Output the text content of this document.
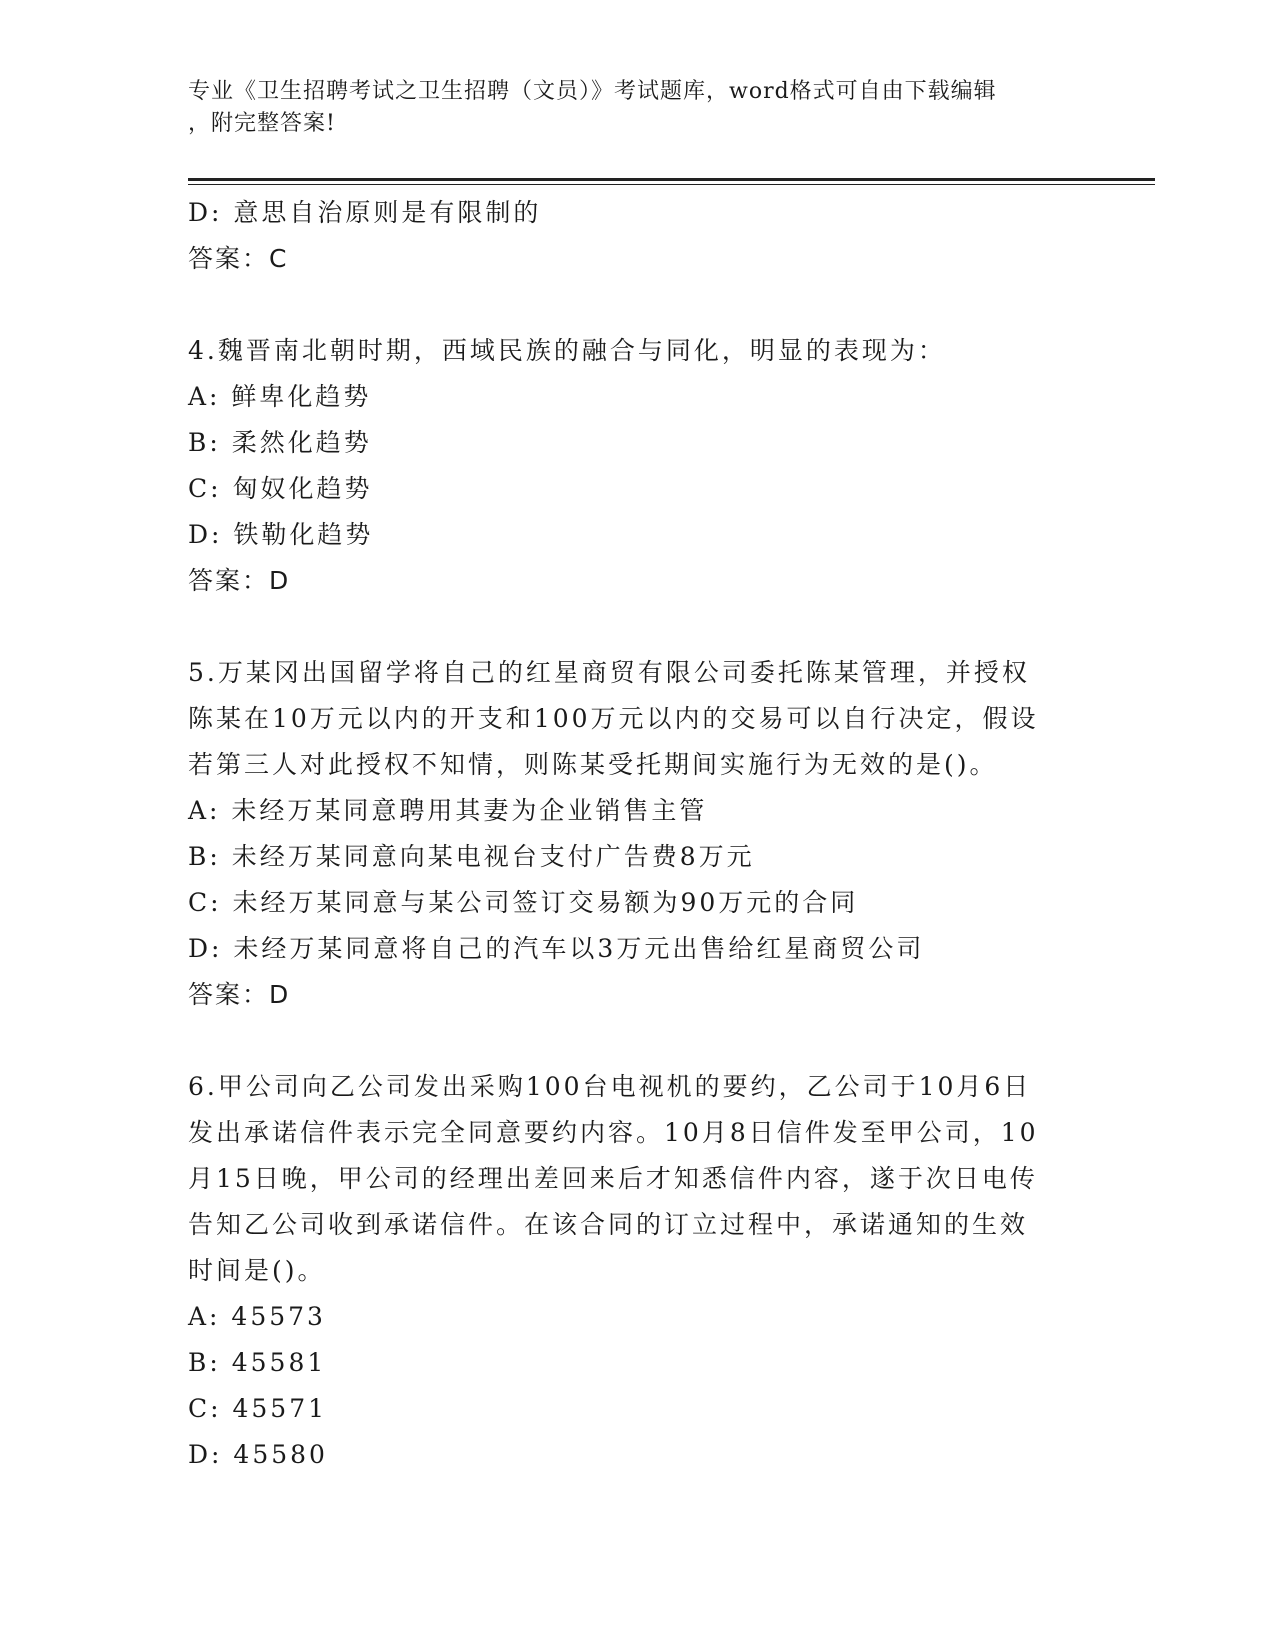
专业《卫生招聘考试之卫生招聘（文员）》考试题库，word格式可自由下载编辑
，附完整答案!
D: 意思自治原则是有限制的
答案：C
4.魏晋南北朝时期，西域民族的融合与同化，明显的表现为：
A: 鲜卑化趋势
B: 柔然化趋势
C: 匈奴化趋势
D: 铁勒化趋势
答案：D
5.万某冈出国留学将自己的红星商贸有限公司委托陈某管理，并授权
陈某在10万元以内的开支和100万元以内的交易可以自行决定，假设
若第三人对此授权不知情，则陈某受托期间实施行为无效的是()。
A: 未经万某同意聘用其妻为企业销售主管
B: 未经万某同意向某电视台支付广告费8万元
C: 未经万某同意与某公司签订交易额为90万元的合同
D: 未经万某同意将自己的汽车以3万元出售给红星商贸公司
答案：D
6.甲公司向乙公司发出采购100台电视机的要约，乙公司于10月6日
发出承诺信件表示完全同意要约内容。10月8日信件发至甲公司，10
月15日晚，甲公司的经理出差回来后才知悉信件内容，遂于次日电传
告知乙公司收到承诺信件。在该合同的订立过程中，承诺通知的生效
时间是()。
A: 45573
B: 45581
C: 45571
D: 45580
